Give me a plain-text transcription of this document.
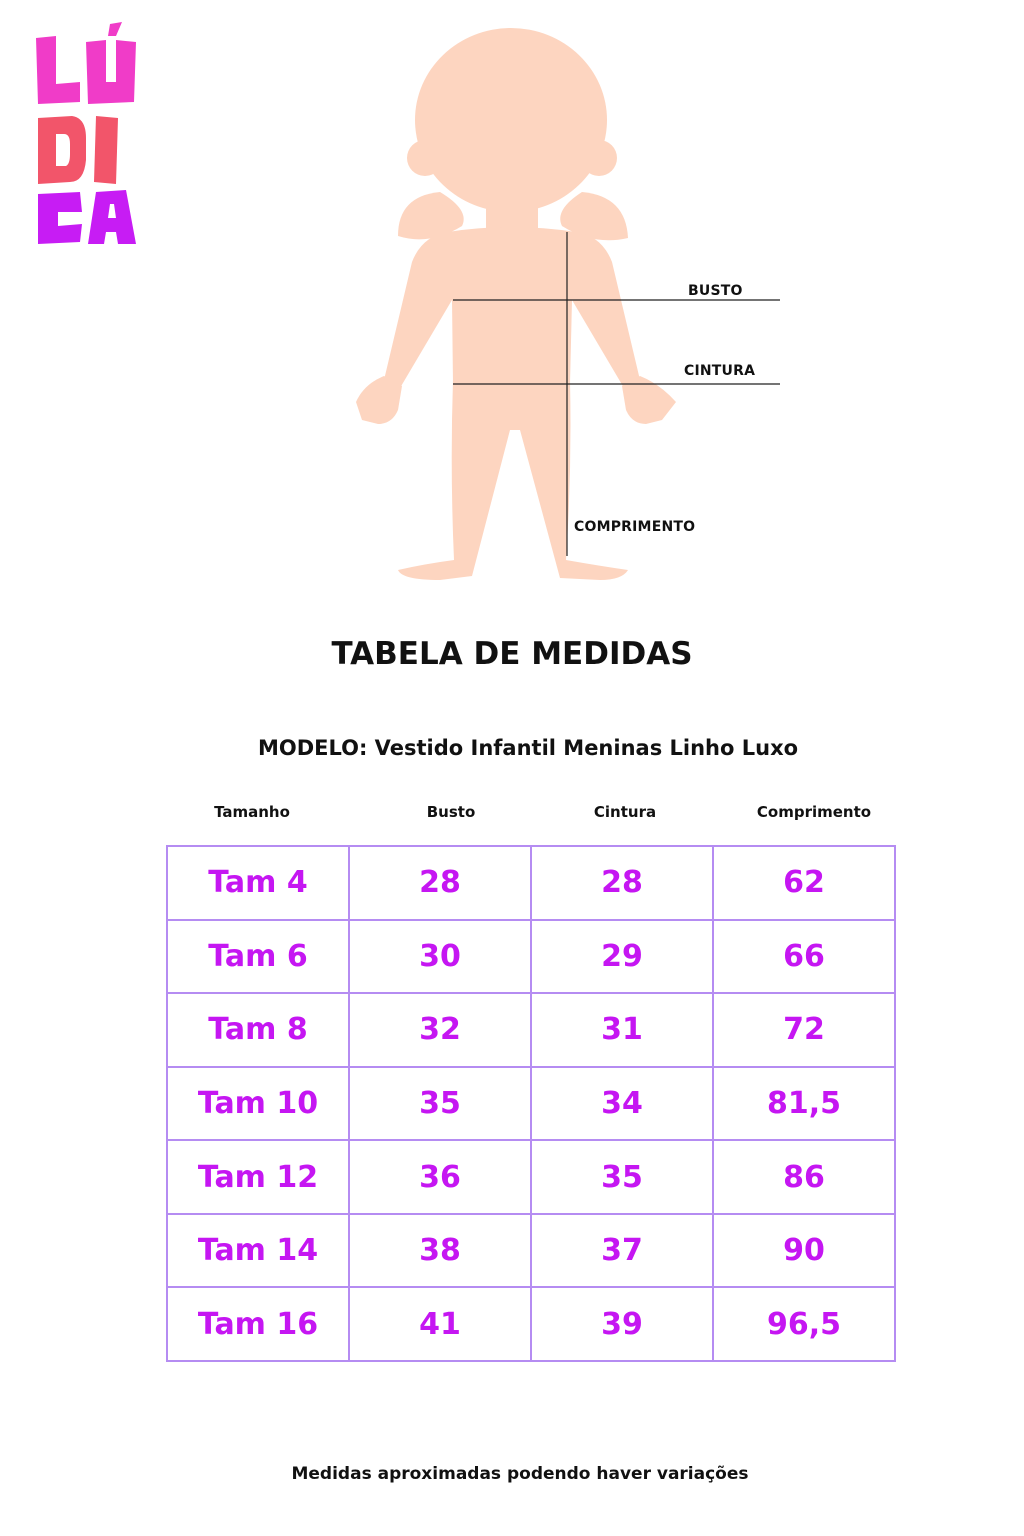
BUSTO
CINTURA
COMPRIMENTO
TABELA DE MEDIDAS
MODELO: Vestido Infantil Meninas Linho Luxo
Tamanho	Busto	Cintura	Comprimento
Tam 4	28	28	62
Tam 6	30	29	66
Tam 8	32	31	72
Tam 10	35	34	81,5
Tam 12	36	35	86
Tam 14	38	37	90
Tam 16	41	39	96,5
Medidas aproximadas podendo haver variações
